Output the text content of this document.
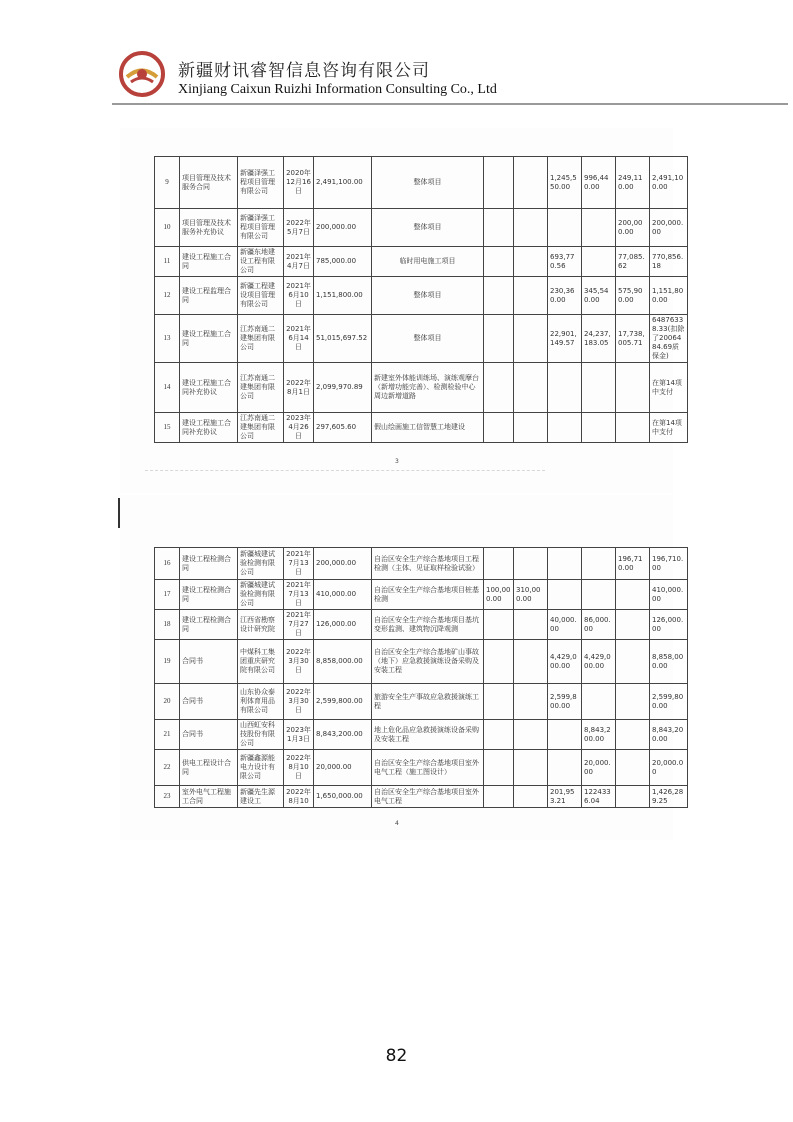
新疆财讯睿智信息咨询有限公司
Xinjiang Caixun Ruizhi Information Consulting Co., Ltd
9	项目管理及技术服务合同	新疆泽强工程项目管理有限公司	2020年12月16日	2,491,100.00	整体项目			1,245,550.00	996,440.00	249,110.00	2,491,100.00
10	项目管理及技术服务补充协议	新疆泽强工程项目管理有限公司	2022年5月7日	200,000.00	整体项目					200,000.00	200,000.00
11	建设工程施工合同	新疆东地建设工程有限公司	2021年4月7日	785,000.00	临时用电施工项目			693,770.56		77,085.62	770,856.18
12	建设工程监理合同	新疆工程建设项目管理有限公司	2021年6月10日	1,151,800.00	整体项目			230,360.00	345,540.00	575,900.00	1,151,800.00
13	建设工程施工合同	江苏南通二建集团有限公司	2021年6月14日	51,015,697.52	整体项目			22,901,149.57	24,237,183.05	17,738,005.71	64876338.33(扣除了2006484.69质保金)
14	建设工程施工合同补充协议	江苏南通二建集团有限公司	2022年8月1日	2,099,970.89	新建室外体能训练场、演练观摩台（新增功能完善）、检测检验中心周边新增道路						在第14项中支付
15	建设工程施工合同补充协议	江苏南通二建集团有限公司	2023年4月26日	297,605.60	假山绘画施工信智慧工地建设						在第14项中支付
3
16	建设工程检测合同	新疆城建试验检测有限公司	2021年7月13日	200,000.00	自治区安全生产综合基地项目工程检测（主体、见证取样检验试验）					196,710.00	196,710.00
17	建设工程检测合同	新疆城建试验检测有限公司	2021年7月13日	410,000.00	自治区安全生产综合基地项目桩基检测	100,000.00	310,000.00				410,000.00
18	建设工程检测合同	江西省勘察设计研究院	2021年7月27日	126,000.00	自治区安全生产综合基地项目基坑变形监测、建筑物沉降观测			40,000.00	86,000.00		126,000.00
19	合同书	中煤科工集团重庆研究院有限公司	2022年3月30日	8,858,000.00	自治区安全生产综合基地矿山事故（地下）应急救援演练设备采购及安装工程			4,429,000.00	4,429,000.00		8,858,000.00
20	合同书	山东协众泰利体育用品有限公司	2022年3月30日	2,599,800.00	旅游安全生产事故应急救援演练工程			2,599,800.00			2,599,800.00
21	合同书	山西虹安科技股份有限公司	2023年1月3日	8,843,200.00	地上危化品应急救援演练设备采购及安装工程				8,843,200.00		8,843,200.00
22	供电工程设计合同	新疆鑫源能电力设计有限公司	2022年8月10日	20,000.00	自治区安全生产综合基地项目室外电气工程（施工图设计）				20,000.00		20,000.00
23	室外电气工程施工合同	新疆先生源建设工	2022年8月10	1,650,000.00	自治区安全生产综合基地项目室外电气工程			201,953.21	1224336.04		1,426,289.25
4
82
